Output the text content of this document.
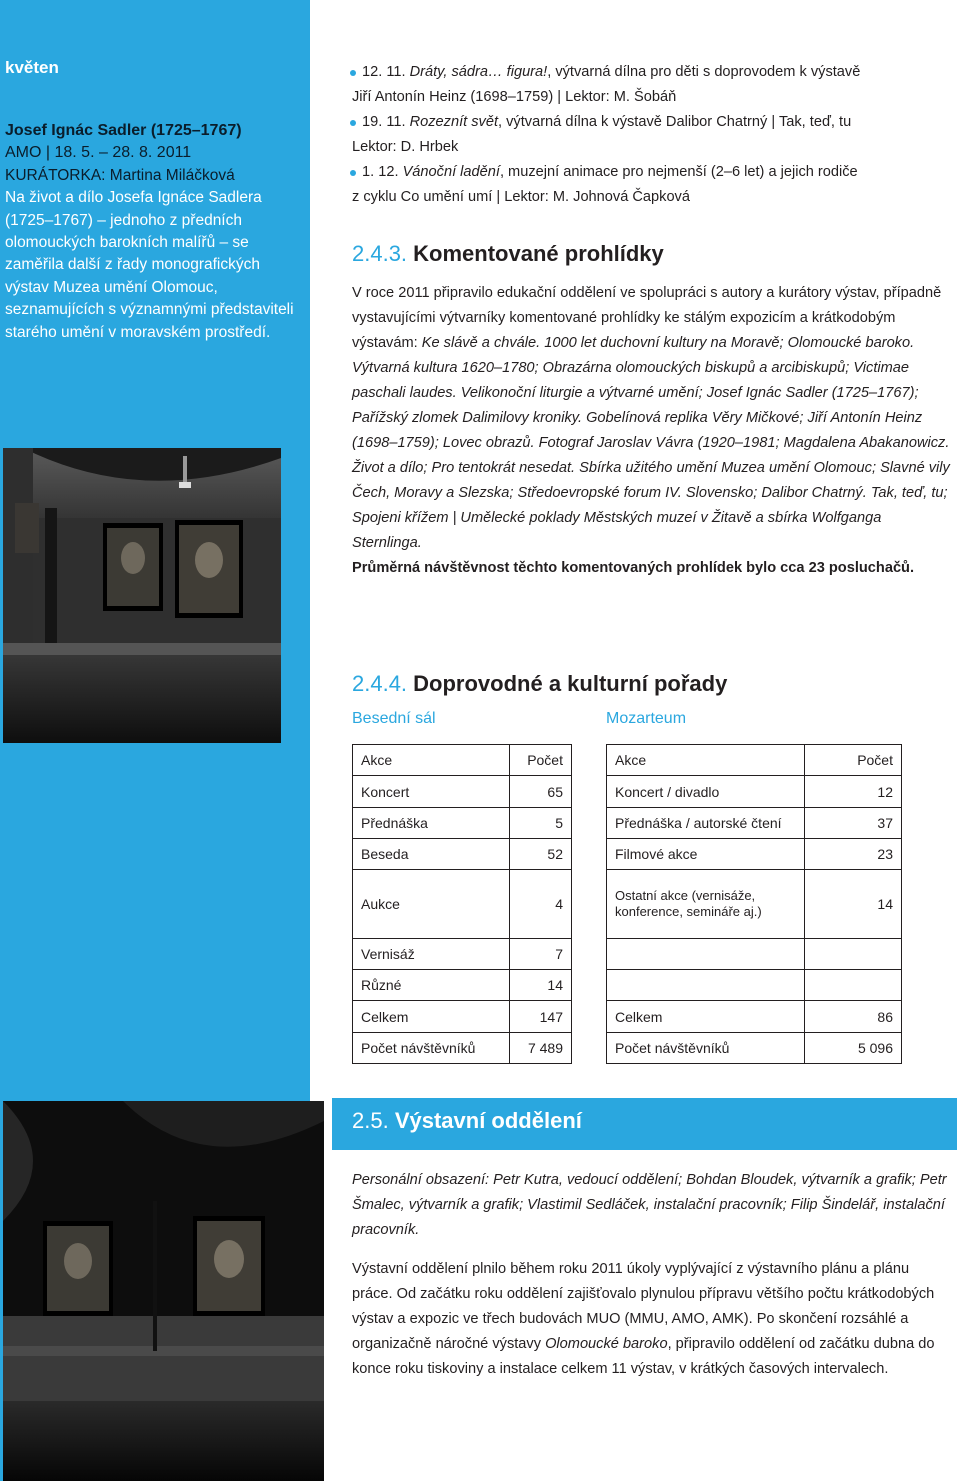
květen
Josef Ignác Sadler (1725–1767)
AMO | 18. 5. – 28. 8. 2011
KURÁTORKA: Martina Miláčková
Na život a dílo Josefa Ignáce Sadlera (1725–1767) – jednoho z předních olomouckých barokních malířů – se zaměřila další z řady monografických výstav Muzea umění Olomouc, seznamujících s významnými představiteli starého umění v moravském prostředí.
12. 11. Dráty, sádra… figura!, výtvarná dílna pro děti s doprovodem k výstavě
Jiří Antonín Heinz (1698–1759) | Lektor: M. Šobáň
19. 11. Rozeznít svět, výtvarná dílna k výstavě Dalibor Chatrný | Tak, teď, tu
Lektor: D. Hrbek
1. 12. Vánoční ladění, muzejní animace pro nejmenší (2–6 let) a jejich rodiče
z cyklu Co umění umí | Lektor: M. Johnová Čapková
2.4.3. Komentované prohlídky
V roce 2011 připravilo edukační oddělení ve spolupráci s autory a kurátory výstav, případně vystavujícími výtvarníky komentované prohlídky ke stálým expozicím a krátkodobým výstavám: Ke slávě a chvále. 1000 let duchovní kultury na Moravě; Olomoucké baroko. Výtvarná kultura 1620–1780; Obrazárna olomouckých biskupů a arcibiskupů; Victimae paschali laudes. Velikonoční liturgie a výtvarné umění; Josef Ignác Sadler (1725–1767); Pařížský zlomek Dalimilovy kroniky. Gobelínová replika Věry Mičkové; Jiří Antonín Heinz (1698–1759); Lovec obrazů. Fotograf Jaroslav Vávra (1920–1981; Magdalena Abakanowicz. Život a dílo; Pro tentokrát nesedat. Sbírka užitého umění Muzea umění Olomouc; Slavné vily Čech, Moravy a Slezska; Středoevropské forum IV. Slovensko; Dalibor Chatrný. Tak, teď, tu; Spojeni křížem | Umělecké poklady Městských muzeí v Žitavě a sbírka Wolfganga Sternlinga.
Průměrná návštěvnost těchto komentovaných prohlídek bylo cca 23 posluchačů.
2.4.4. Doprovodné a kulturní pořady
Besední sál	Mozarteum
Akce	Počet
Koncert	65
Přednáška	5
Beseda	52
Aukce	4
Vernisáž	7
Různé	14
Celkem	147
Počet návštěvníků	7 489
Akce	Počet
Koncert / divadlo	12
Přednáška / autorské čtení	37
Filmové akce	23
Ostatní akce (vernisáže, konference, semináře aj.)	14

Celkem	86
Počet návštěvníků	5 096
2.5. Výstavní oddělení
Personální obsazení: Petr Kutra, vedoucí oddělení; Bohdan Bloudek, výtvarník a grafik; Petr Šmalec, výtvarník a grafik; Vlastimil Sedláček, instalační pracovník; Filip Šindelář, instalační pracovník.
Výstavní oddělení plnilo během roku 2011 úkoly vyplývající z výstavního plánu a plánu práce. Od začátku roku oddělení zajišťovalo plynulou přípravu většího počtu krátkodobých výstav a expozic ve třech budovách MUO (MMU, AMO, AMK). Po skončení rozsáhlé a organizačně náročné výstavy Olomoucké baroko, připravilo oddělení od začátku dubna do konce roku tiskoviny a instalace celkem 11 výstav, v krátkých časových intervalech.
